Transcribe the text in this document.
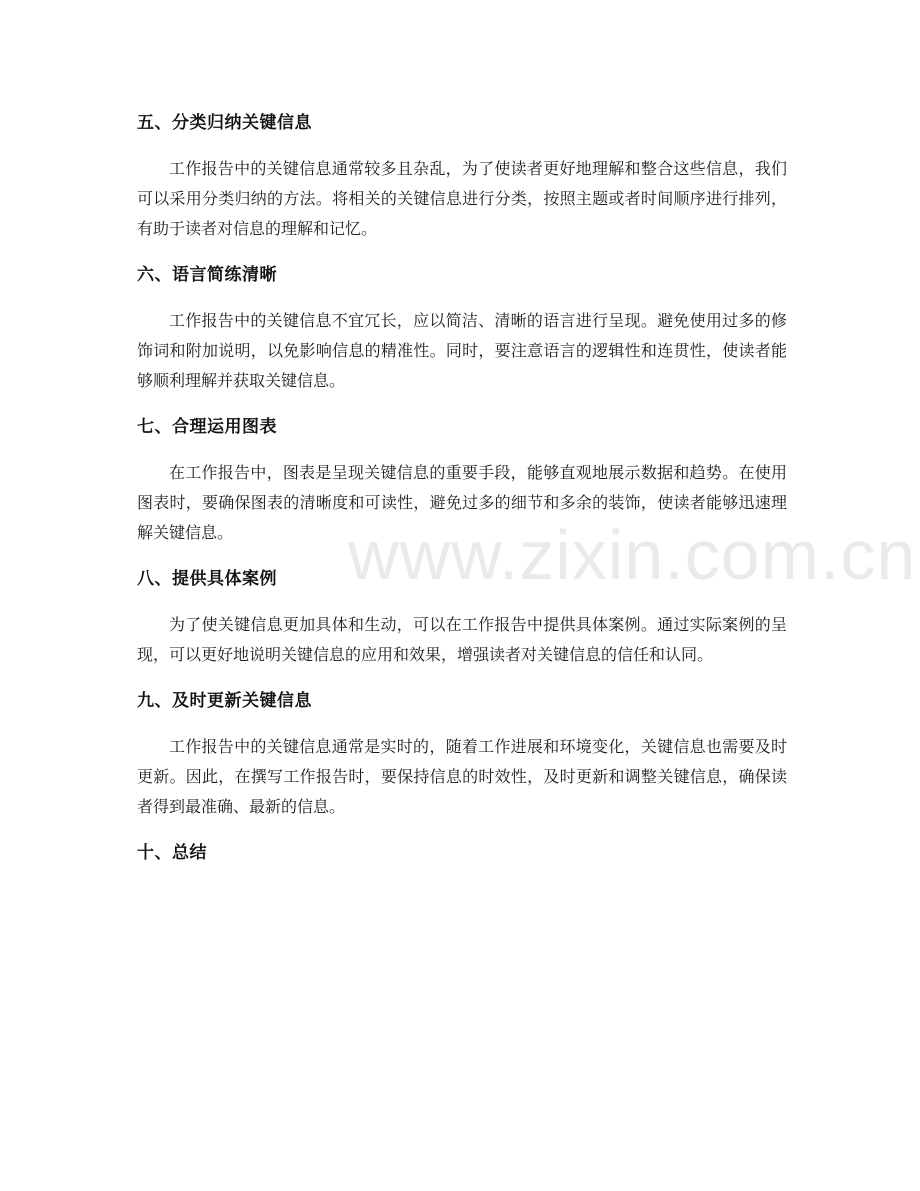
五、分类归纳关键信息

工作报告中的关键信息通常较多且杂乱，为了使读者更好地理解和整合这些信息，我们可以采用分类归纳的方法。将相关的关键信息进行分类，按照主题或者时间顺序进行排列，有助于读者对信息的理解和记忆。

六、语言简练清晰

工作报告中的关键信息不宜冗长，应以简洁、清晰的语言进行呈现。避免使用过多的修饰词和附加说明，以免影响信息的精准性。同时，要注意语言的逻辑性和连贯性，使读者能够顺利理解并获取关键信息。

七、合理运用图表

在工作报告中，图表是呈现关键信息的重要手段，能够直观地展示数据和趋势。在使用图表时，要确保图表的清晰度和可读性，避免过多的细节和多余的装饰，使读者能够迅速理解关键信息。

八、提供具体案例

为了使关键信息更加具体和生动，可以在工作报告中提供具体案例。通过实际案例的呈现，可以更好地说明关键信息的应用和效果，增强读者对关键信息的信任和认同。

九、及时更新关键信息

工作报告中的关键信息通常是实时的，随着工作进展和环境变化，关键信息也需要及时更新。因此，在撰写工作报告时，要保持信息的时效性，及时更新和调整关键信息，确保读者得到最准确、最新的信息。

十、总结
www.zixin.com.cn
